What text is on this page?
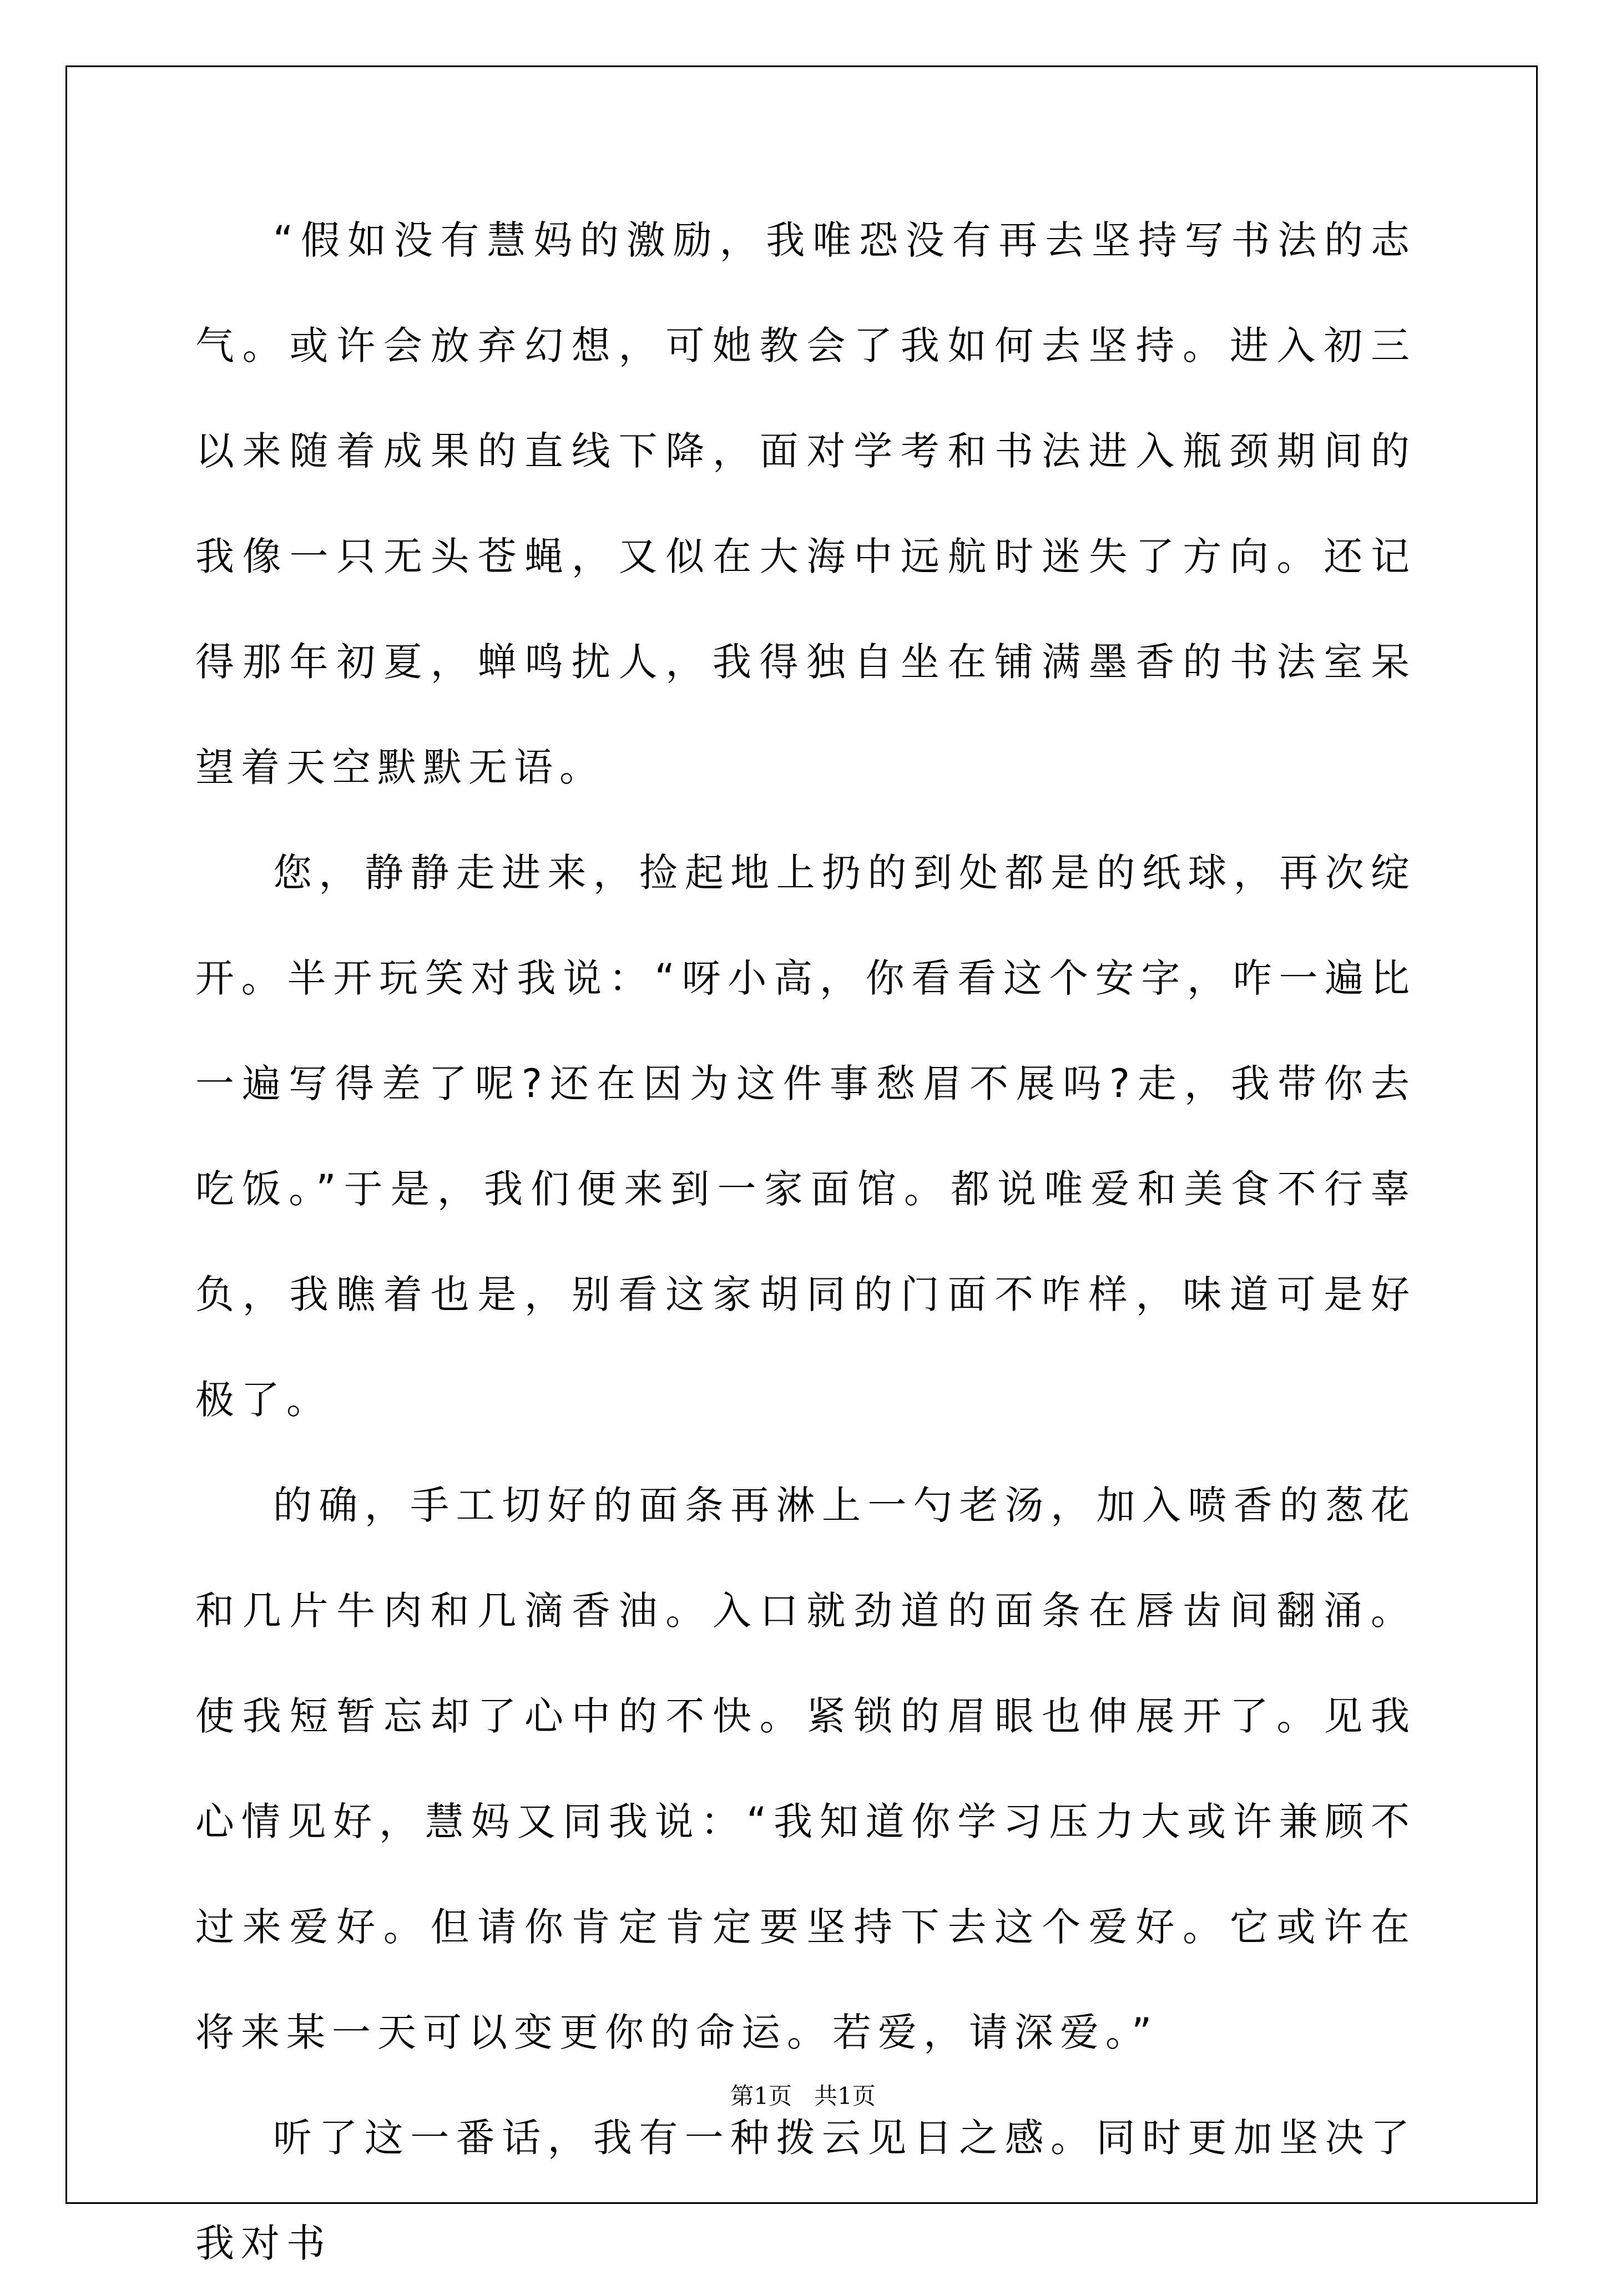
“假如没有慧妈的激励，我唯恐没有再去坚持写书法的志气。或许会放弃幻想，可她教会了我如何去坚持。进入初三以来随着成果的直线下降，面对学考和书法进入瓶颈期间的我像一只无头苍蝇，又似在大海中远航时迷失了方向。还记得那年初夏，蝉鸣扰人，我得独自坐在铺满墨香的书法室呆望着天空默默无语。

您，静静走进来，捡起地上扔的到处都是的纸球，再次绽开。半开玩笑对我说：“呀小高，你看看这个安字，咋一遍比一遍写得差了呢?还在因为这件事愁眉不展吗?走，我带你去吃饭。”于是，我们便来到一家面馆。都说唯爱和美食不行辜负，我瞧着也是，别看这家胡同的门面不咋样，味道可是好极了。

的确，手工切好的面条再淋上一勺老汤，加入喷香的葱花和几片牛肉和几滴香油。入口就劲道的面条在唇齿间翻涌。使我短暂忘却了心中的不快。紧锁的眉眼也伸展开了。见我心情见好，慧妈又同我说：“我知道你学习压力大或许兼顾不过来爱好。但请你肯定肯定要坚持下去这个爱好。它或许在将来某一天可以变更你的命运。若爱，请深爱。”

听了这一番话，我有一种拨云见日之感。同时更加坚决了我对书

第1页   共1页
